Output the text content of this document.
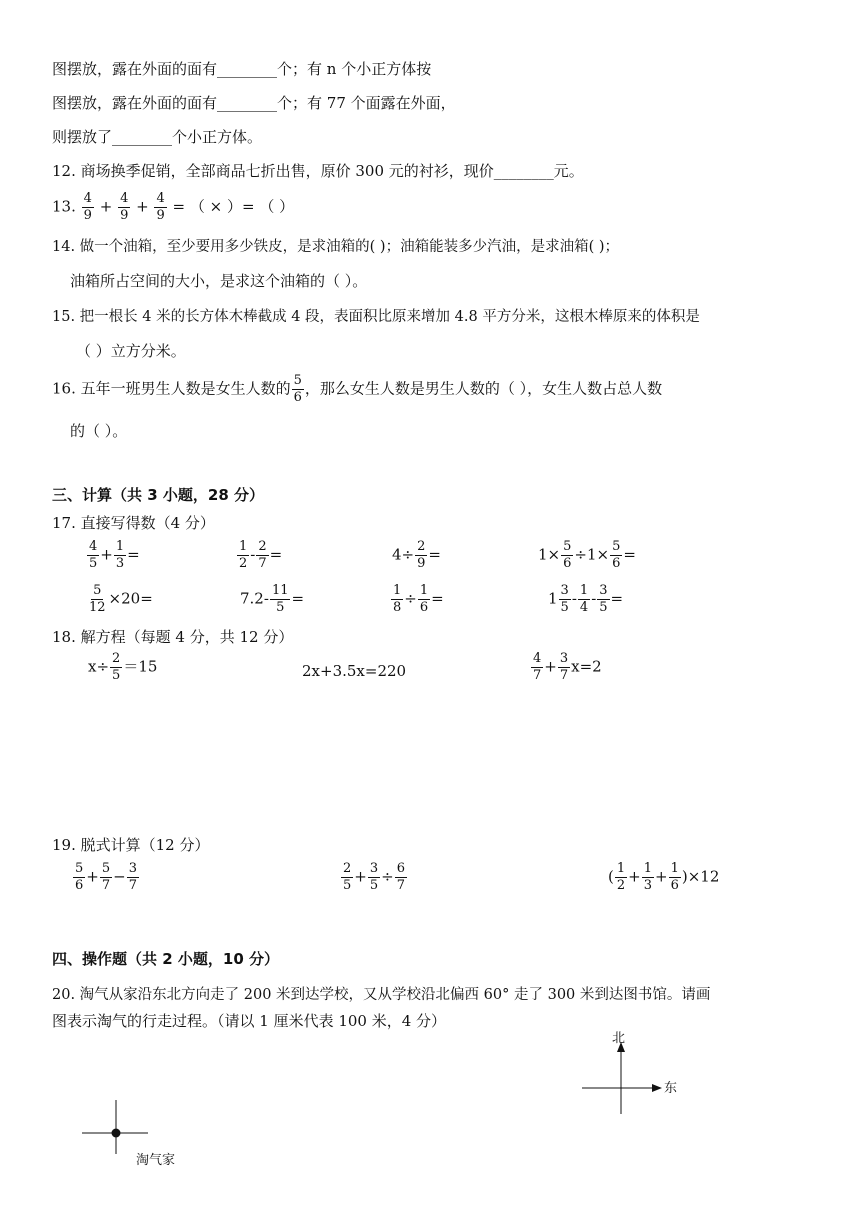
图摆放，露在外面的面有________个；有 n 个小正方体按
图摆放，露在外面的面有________个；有 77 个面露在外面，
则摆放了________个小正方体。
12. 商场换季促销，全部商品七折出售，原价 300 元的衬衫，现价________元。
13. $\frac{4}{9} + \frac{4}{9} + \frac{4}{9}$ = （ × ）= （ ）
14. 做一个油箱，至少要用多少铁皮，是求油箱的( )；油箱能装多少汽油，是求油箱( )；
油箱所占空间的大小，是求这个油箱的（ ）。
15. 把一根长 4 米的长方体木棒截成 4 段，表面积比原来增加 4.8 平方分米，这根木棒原来的体积是
（ ）立方分米。
16. 五年一班男生人数是女生人数的 $\frac{5}{6}$ ，那么女生人数是男生人数的（ ），女生人数占总人数
的（ ）。
三、计算（共 3 小题，28 分）
17. 直接写得数（4 分）
$\frac{4}{5} + \frac{1}{3}$ =	$\frac{1}{2} - \frac{2}{7}$ =	$4\div \frac{2}{9}$ =	$1\times \frac{5}{6} \div 1\times \frac{5}{6}$ =
$\frac{5}{12} \times 20=$	$7.2- \frac{11}{5}$ =	$\frac{1}{8} \div \frac{1}{6}$ =	$1 \frac{3}{5} - \frac{1}{4} - \frac{3}{5}$ =
18. 解方程（每题 4 分，共 12 分）
$x\div \frac{2}{5} =15$	2x+3.5x=220	$\frac{4}{7} + \frac{3}{7} x=2$
19. 脱式计算（12 分）
$\frac{5}{6} + \frac{5}{7} - \frac{3}{7}$	$\frac{2}{5} + \frac{3}{5} \div \frac{6}{7}$	( $\frac{1}{2} + \frac{1}{3} + \frac{1}{6} )\times 12$
四、操作题（共 2 小题，10 分）
20. 淘气从家沿东北方向走了 200 米到达学校，又从学校沿北偏西 60° 走了 300 米到达图书馆。请画
图表示淘气的行走过程。（请以 1 厘米代表 100 米，4 分）
北
东
淘气家
